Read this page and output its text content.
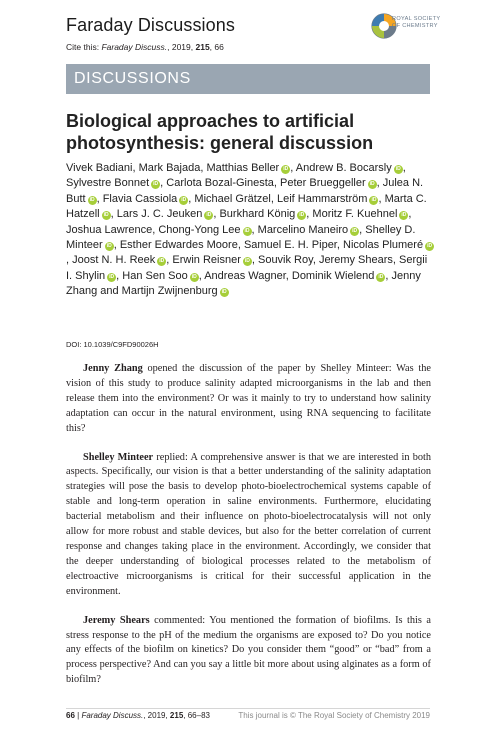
Faraday Discussions
Cite this: Faraday Discuss., 2019, 215, 66
ROYAL SOCIETY
OF CHEMISTRY
DISCUSSIONS
Biological approaches to artificial photosynthesis: general discussion
Vivek Badiani, Mark Bajada, Matthias Beller iD , Andrew B. Bocarsly iD , Sylvestre Bonnet iD , Carlota Bozal-Ginesta, Peter Brueggeller iD , Julea N. Butt iD , Flavia Cassiola iD , Michael Grätzel, Leif Hammarström iD , Marta C. Hatzell iD , Lars J. C. Jeuken iD , Burkhard König iD , Moritz F. Kuehnel iD , Joshua Lawrence, Chong-Yong Lee iD , Marcelino Maneiro iD , Shelley D. Minteer iD , Esther Edwardes Moore, Samuel E. H. Piper, Nicolas Plumeré iD, Joost N. H. Reek iD , Erwin Reisner iD , Souvik Roy, Jeremy Shears, Sergii I. Shylin iD , Han Sen Soo iD , Andreas Wagner, Dominik Wielend iD , Jenny Zhang and Martijn Zwijnenburg iD
DOI: 10.1039/C9FD90026H

Jenny Zhang opened the discussion of the paper by Shelley Minteer: Was the vision of this study to produce salinity adapted microorganisms in the lab and then release them into the environment? Or was it mainly to try to understand how salinity adaptation can occur in the natural environment, using RNA sequencing to facilitate this?

Shelley Minteer replied: A comprehensive answer is that we are interested in both aspects. Specifically, our vision is that a better understanding of the salinity adaptation strategies will pose the basis to develop photo-bioelectrochemical systems capable of stable and long-term operation in saline environments. Furthermore, elucidating bacterial metabolism and their influence on photo-bioelectrocatalysis will not only allow for more robust and stable devices, but also for the better correlation of current response and changes taking place in the environment. Accordingly, we consider that the deeper understanding of biological processes related to the metabolism of electroactive microorganisms is critical for their successful application in the environment.

Jeremy Shears commented: You mentioned the formation of biofilms. Is this a stress response to the pH of the medium the organisms are exposed to? Do you notice any effects of the biofilm on kinetics? Do you consider them “good” or “bad” from a process perspective? And can you say a little bit more about using alginates as a form of biofilm?

66 | Faraday Discuss., 2019, 215, 66–83	This journal is © The Royal Society of Chemistry 2019
